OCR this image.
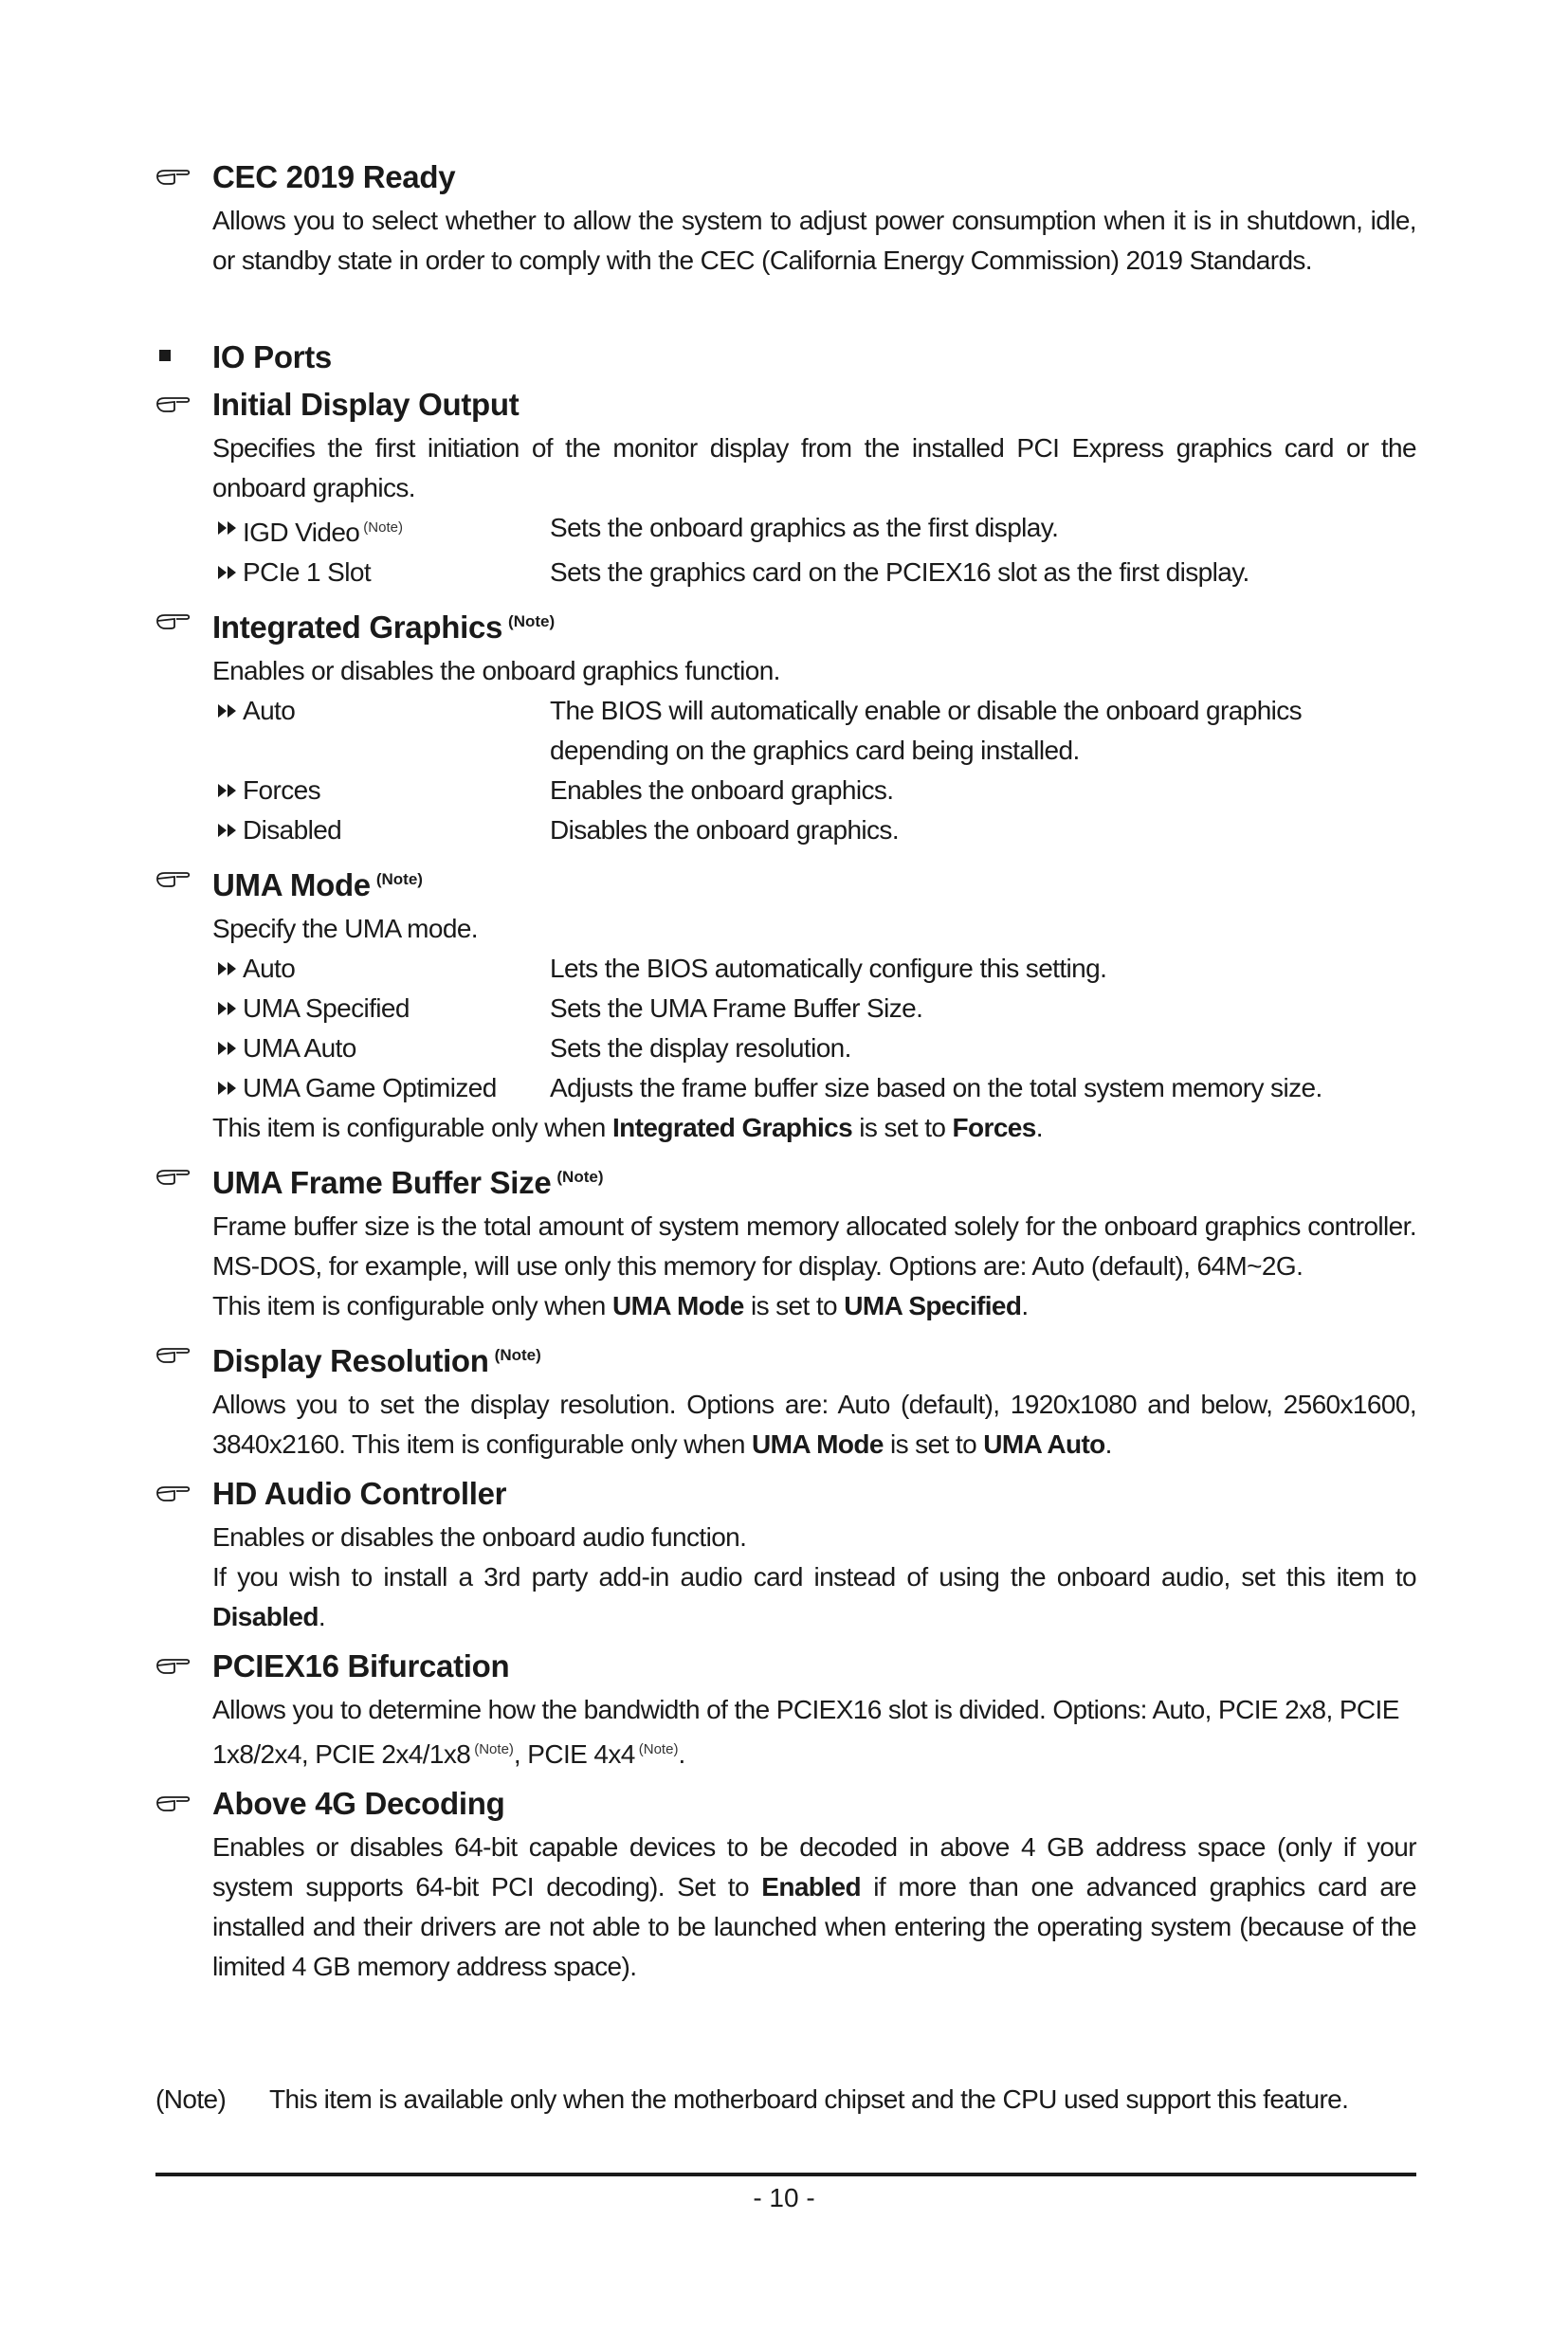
CEC 2019 Ready
Allows you to select whether to allow the system to adjust power consumption when it is in shutdown, idle, or standby state in order to comply with the CEC (California Energy Commission) 2019 Standards.
IO Ports
Initial Display Output
Specifies the first initiation of the monitor display from the installed PCI Express graphics card or the onboard graphics.
IGD Video $^{(Note)}$	Sets the onboard graphics as the first display.
PCIe 1 Slot	Sets the graphics card on the PCIEX16 slot as the first display.
Integrated Graphics $^{(Note)}$
Enables or disables the onboard graphics function.
Auto	The BIOS will automatically enable or disable the onboard graphics
depending on the graphics card being installed.
Forces	Enables the onboard graphics.
Disabled	Disables the onboard graphics.
UMA Mode $^{(Note)}$
Specify the UMA mode.
Auto	Lets the BIOS automatically configure this setting.
UMA Specified	Sets the UMA Frame Buffer Size.
UMA Auto	Sets the display resolution.
UMA Game Optimized	Adjusts the frame buffer size based on the total system memory size.
This item is configurable only when Integrated Graphics is set to Forces.
UMA Frame Buffer Size $^{(Note)}$
Frame buffer size is the total amount of system memory allocated solely for the onboard graphics controller. MS-DOS, for example, will use only this memory for display. Options are: Auto (default), 64M~2G.
This item is configurable only when UMA Mode is set to UMA Specified.
Display Resolution $^{(Note)}$
Allows you to set the display resolution. Options are: Auto (default), 1920x1080 and below, 2560x1600, 3840x2160. This item is configurable only when UMA Mode is set to UMA Auto.
HD Audio Controller
Enables or disables the onboard audio function.
If you wish to install a 3rd party add-in audio card instead of using the onboard audio, set this item to Disabled.
PCIEX16 Bifurcation
Allows you to determine how the bandwidth of the PCIEX16 slot is divided. Options: Auto, PCIE 2x8, PCIE 1x8/2x4, PCIE 2x4/1x8 $^{(Note)}$, PCIE 4x4 $^{(Note)}$.
Above 4G Decoding
Enables or disables 64-bit capable devices to be decoded in above 4 GB address space (only if your system supports 64-bit PCI decoding). Set to Enabled if more than one advanced graphics card are installed and their drivers are not able to be launched when entering the operating system (because of the limited 4 GB memory address space).
(Note)	This item is available only when the motherboard chipset and the CPU used support this feature.
- 10 -
